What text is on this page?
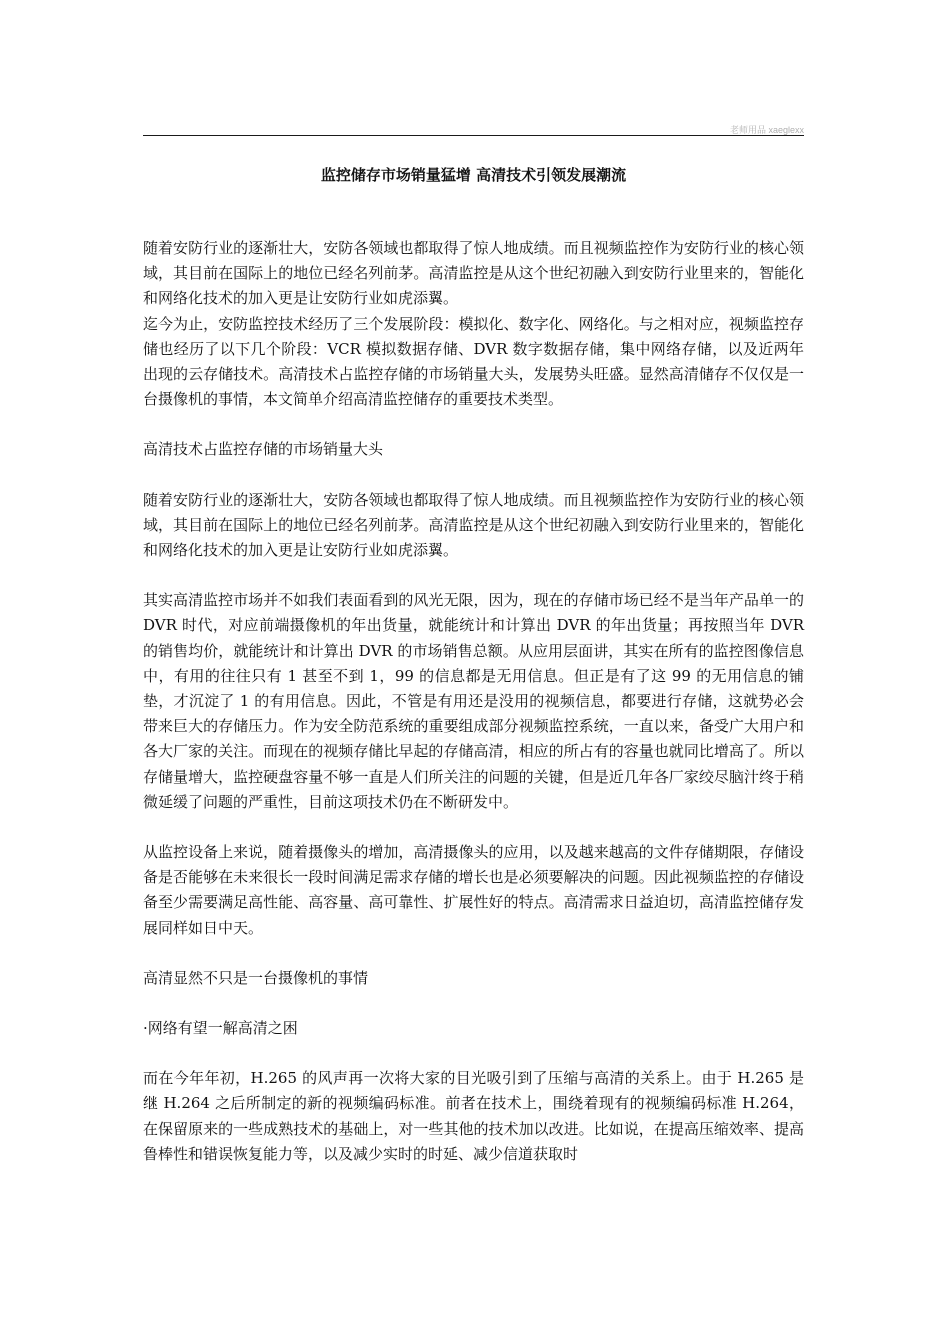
老师用品 xaeglexx
监控储存市场销量猛增 高清技术引领发展潮流

随着安防行业的逐渐壮大，安防各领域也都取得了惊人地成绩。而且视频监控作为安防行业的核心领域，其目前在国际上的地位已经名列前茅。高清监控是从这个世纪初融入到安防行业里来的，智能化和网络化技术的加入更是让安防行业如虎添翼。

迄今为止，安防监控技术经历了三个发展阶段：模拟化、数字化、网络化。与之相对应，视频监控存储也经历了以下几个阶段：VCR 模拟数据存储、DVR 数字数据存储，集中网络存储，以及近两年出现的云存储技术。高清技术占监控存储的市场销量大头，发展势头旺盛。显然高清储存不仅仅是一台摄像机的事情，本文简单介绍高清监控储存的重要技术类型。

高清技术占监控存储的市场销量大头

随着安防行业的逐渐壮大，安防各领域也都取得了惊人地成绩。而且视频监控作为安防行业的核心领域，其目前在国际上的地位已经名列前茅。高清监控是从这个世纪初融入到安防行业里来的，智能化和网络化技术的加入更是让安防行业如虎添翼。

其实高清监控市场并不如我们表面看到的风光无限，因为，现在的存储市场已经不是当年产品单一的 DVR 时代，对应前端摄像机的年出货量，就能统计和计算出 DVR 的年出货量；再按照当年 DVR 的销售均价，就能统计和计算出 DVR 的市场销售总额。从应用层面讲，其实在所有的监控图像信息中，有用的往往只有 1 甚至不到 1，99 的信息都是无用信息。但正是有了这 99 的无用信息的铺垫，才沉淀了 1 的有用信息。因此，不管是有用还是没用的视频信息，都要进行存储，这就势必会带来巨大的存储压力。作为安全防范系统的重要组成部分视频监控系统，一直以来，备受广大用户和各大厂家的关注。而现在的视频存储比早起的存储高清，相应的所占有的容量也就同比增高了。所以存储量增大，监控硬盘容量不够一直是人们所关注的问题的关键，但是近几年各厂家绞尽脑汁终于稍微延缓了问题的严重性，目前这项技术仍在不断研发中。

从监控设备上来说，随着摄像头的增加，高清摄像头的应用，以及越来越高的文件存储期限，存储设备是否能够在未来很长一段时间满足需求存储的增长也是必须要解决的问题。因此视频监控的存储设备至少需要满足高性能、高容量、高可靠性、扩展性好的特点。高清需求日益迫切，高清监控储存发展同样如日中天。

高清显然不只是一台摄像机的事情

·网络有望一解高清之困

而在今年年初，H.265 的风声再一次将大家的目光吸引到了压缩与高清的关系上。由于 H.265 是继 H.264 之后所制定的新的视频编码标准。前者在技术上，围绕着现有的视频编码标准 H.264，在保留原来的一些成熟技术的基础上，对一些其他的技术加以改进。比如说，在提高压缩效率、提高鲁棒性和错误恢复能力等，以及减少实时的时延、减少信道获取时
